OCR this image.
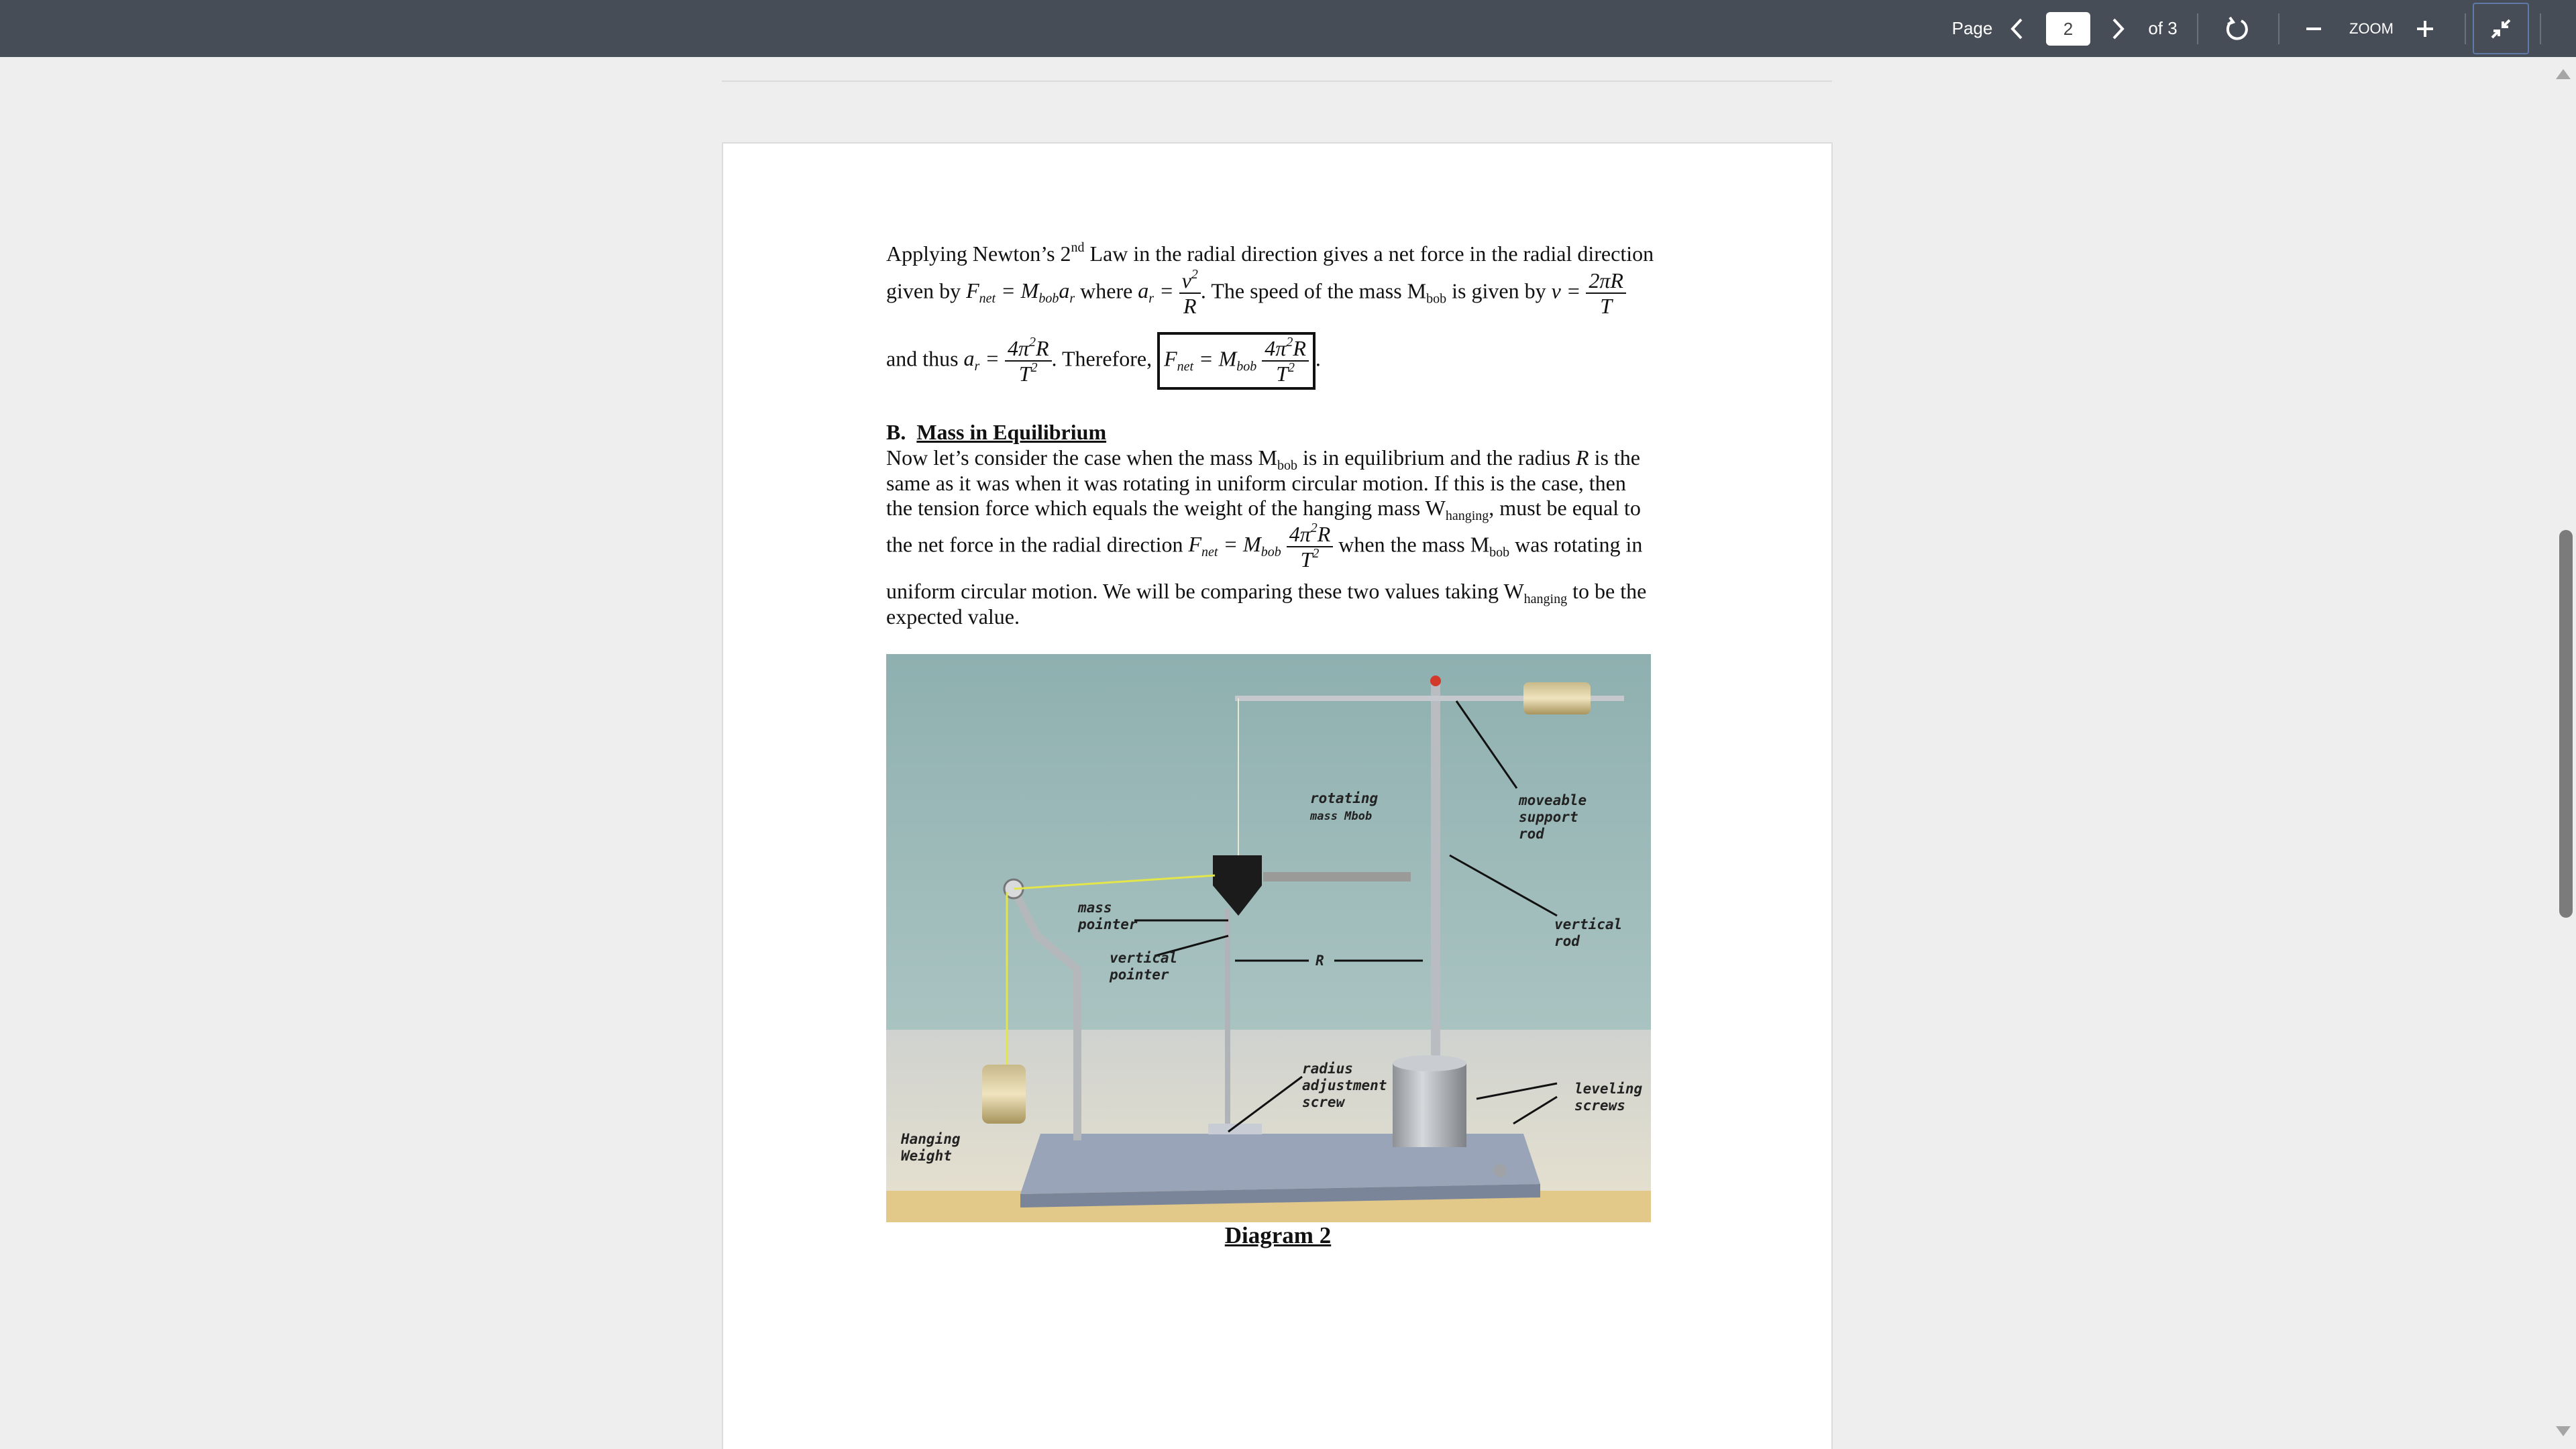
Page	2	of 3	ZOOM
Applying Newton’s 2nd Law in the radial direction gives a net force in the radial direction
given by $F_{net} = M_{bob}a_r$ where $a_r = \frac{v^2}{R}$ . The speed of the mass $M_{bob}$ is given by $v = \frac{2\pi R}{T}$
and thus $a_r = \frac{4\pi^2R}{T^2}$ . Therefore, $F_{net} = M_{bob} \frac{4\pi^2R}{T^2}$ .
B. Mass in Equilibrium
Now let’s consider the case when the mass $M_{bob}$ is in equilibrium and the radius R is the
same as it was when it was rotating in uniform circular motion. If this is the case, then
the tension force which equals the weight of the hanging mass $W_{hanging}$, must be equal to
the net force in the radial direction $F_{net} = M_{bob} \frac{4\pi^2R}{T^2}$ when the mass $M_{bob}$ was rotating in
uniform circular motion. We will be comparing these two values taking $W_{hanging}$ to be the
expected value.
rotating
mass Mbob
moveable
support
rod
mass
pointer
vertical
pointer
R
vertical
rod
radius
adjustment
screw
leveling
screws
Hanging
Weight
Diagram 2
